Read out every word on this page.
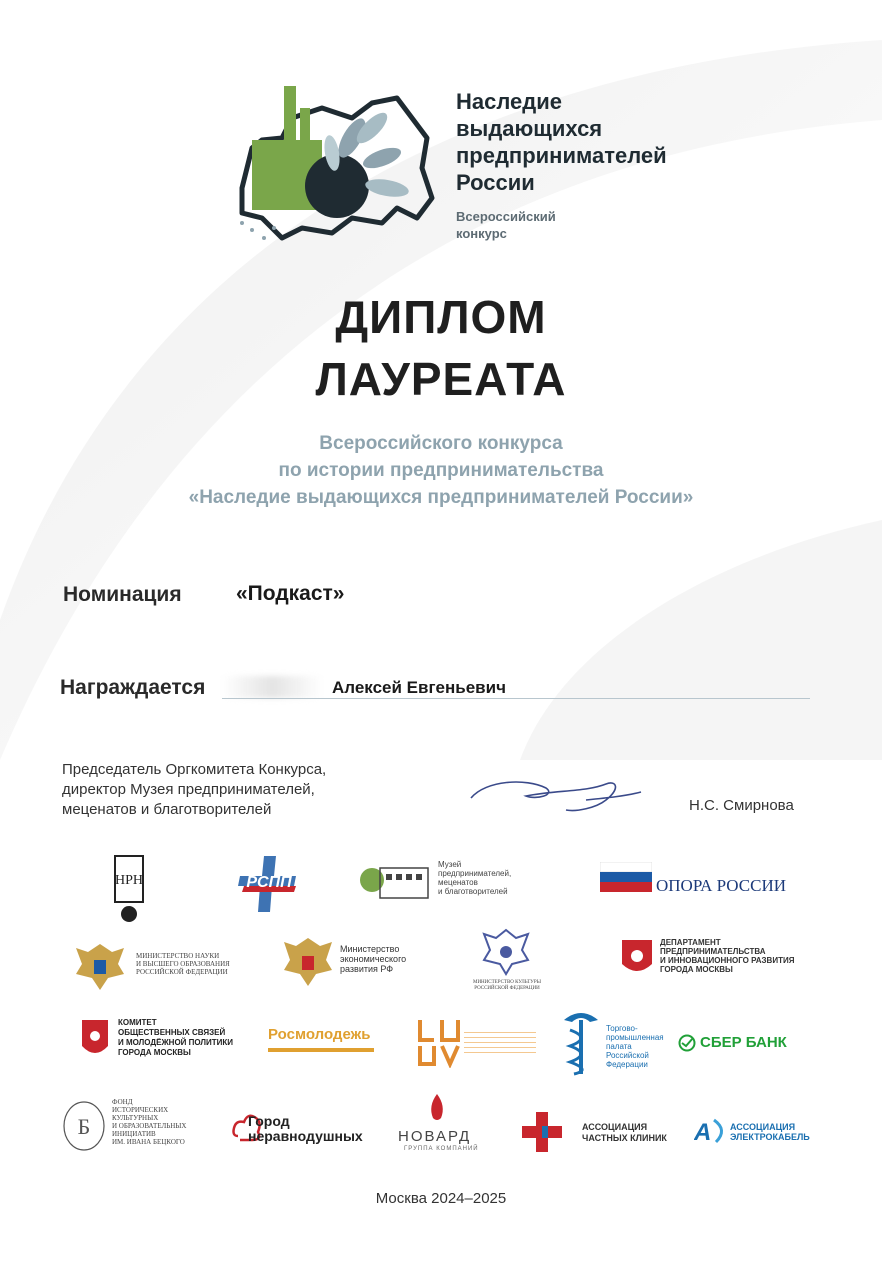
Наследие
выдающихся
предпринимателей
России
Всероссийский
конкурс
ДИПЛОМ
ЛАУРЕАТА
Всероссийского конкурса
по истории предпринимательства
«Наследие выдающихся предпринимателей России»
Номинация	«Подкаст»
Награждается	Алексей Евгеньевич
Председатель Оргкомитета Конкурса,
директор Музея предпринимателей,
меценатов и благотворителей	Н.С. Смирнова
НРН	РСПП
Музей
предпринимателей,
меценатов
и благотворителей	ОПОРА РОССИИ
МИНИСТЕРСТВО НАУКИ
И ВЫСШЕГО ОБРАЗОВАНИЯ
РОССИЙСКОЙ ФЕДЕРАЦИИ
Министерство
экономического
развития РФ
МИНИСТЕРСТВО КУЛЬТУРЫ
РОССИЙСКОЙ ФЕДЕРАЦИИ
ДЕПАРТАМЕНТ
ПРЕДПРИНИМАТЕЛЬСТВА
И ИННОВАЦИОННОГО РАЗВИТИЯ
ГОРОДА МОСКВЫ
КОМИТЕТ
ОБЩЕСТВЕННЫХ СВЯЗЕЙ
И МОЛОДЁЖНОЙ ПОЛИТИКИ
ГОРОДА МОСКВЫ
Росмолодежь	Торгово-
промышленная
палата
Российской
Федерации
СБЕР БАНК
Б
ФОНД
ИСТОРИЧЕСКИХ
КУЛЬТУРНЫХ
И ОБРАЗОВАТЕЛЬНЫХ
ИНИЦИАТИВ
ИМ. ИВАНА БЕЦКОГО
Город
неравнодушных НОВАРД
ГРУППА КОМПАНИЙ
АССОЦИАЦИЯ
ЧАСТНЫХ КЛИНИК A АССОЦИАЦИЯ
ЭЛЕКТРОКАБЕЛЬ
Москва 2024–2025
